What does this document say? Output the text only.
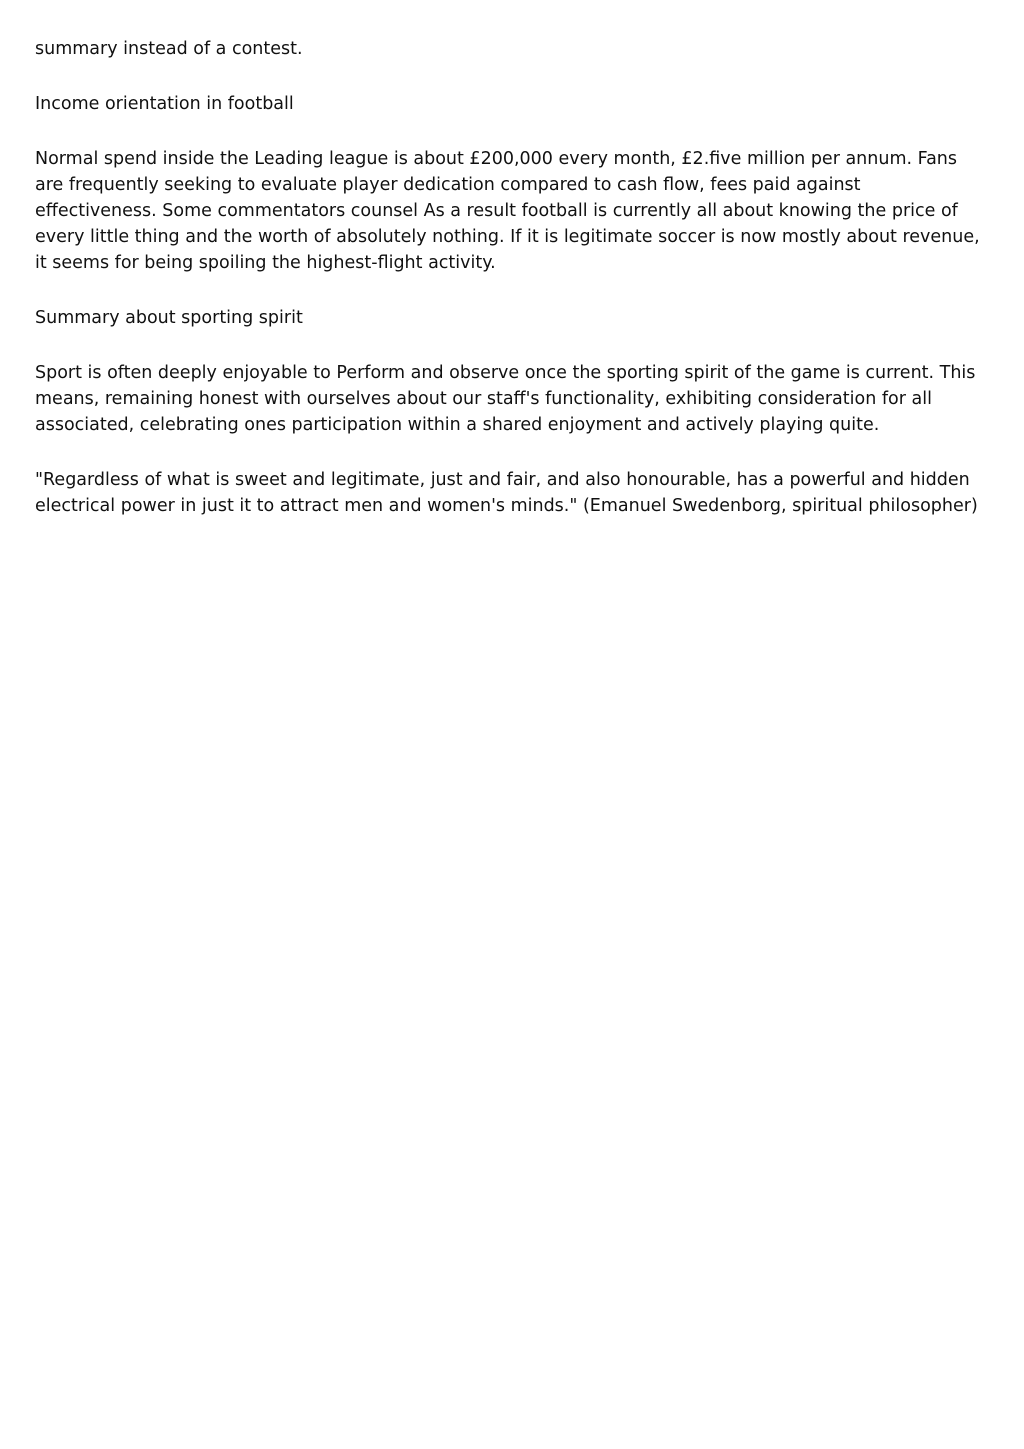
summary instead of a contest.

Income orientation in football

Normal spend inside the Leading league is about £200,000 every month, £2.five million per annum. Fans are frequently seeking to evaluate player dedication compared to cash flow, fees paid against effectiveness. Some commentators counsel As a result football is currently all about knowing the price of every little thing and the worth of absolutely nothing. If it is legitimate soccer is now mostly about revenue, it seems for being spoiling the highest-flight activity.

Summary about sporting spirit

Sport is often deeply enjoyable to Perform and observe once the sporting spirit of the game is current. This means, remaining honest with ourselves about our staff's functionality, exhibiting consideration for all associated, celebrating ones participation within a shared enjoyment and actively playing quite.

"Regardless of what is sweet and legitimate, just and fair, and also honourable, has a powerful and hidden electrical power in just it to attract men and women's minds." (Emanuel Swedenborg, spiritual philosopher)
